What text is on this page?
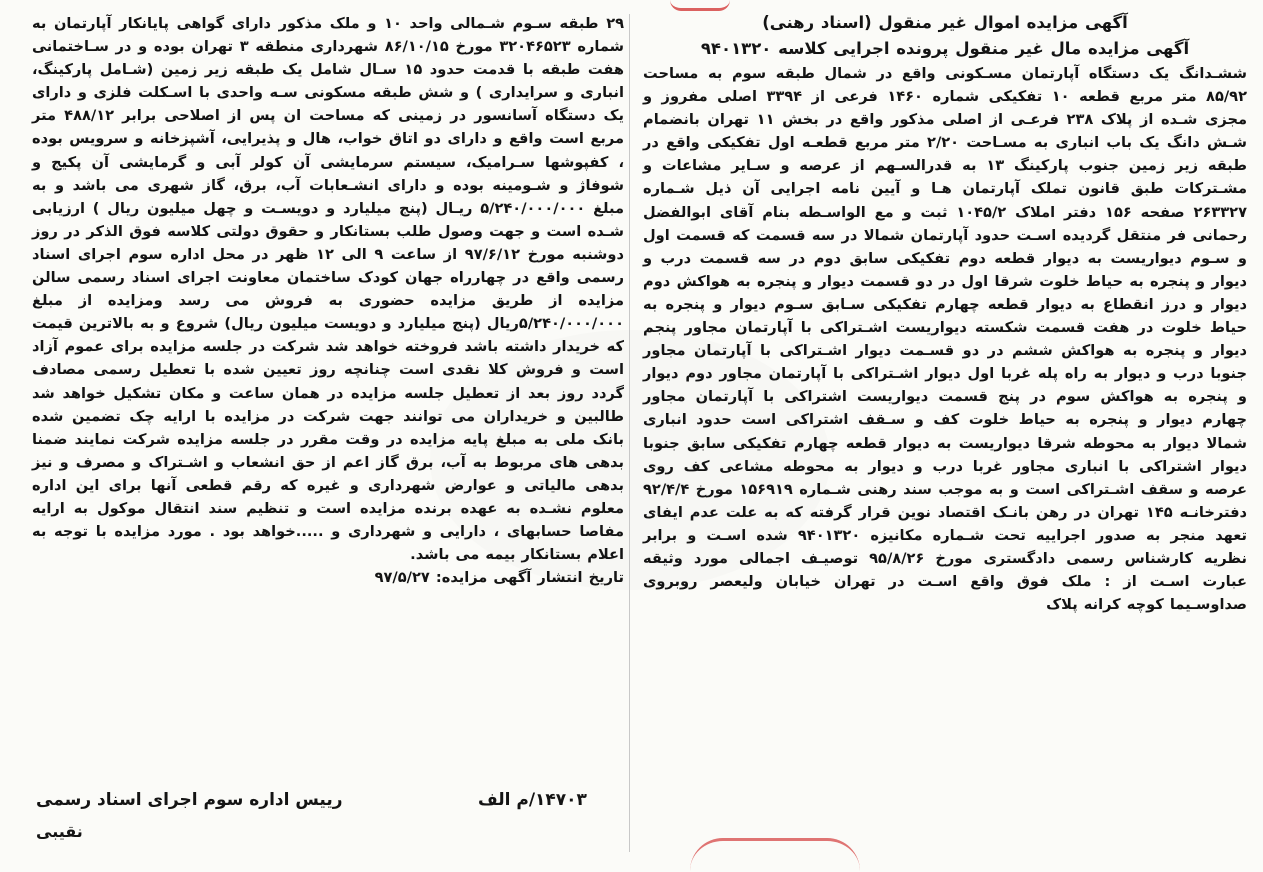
آگهی مزایده اموال غیر منقول (اسناد رهنی)
آگهی مزایده مال غیر منقول پرونده اجرایی کلاسه ۹۴۰۱۳۲۰
ششـدانگ یک دستگاه آپارتمان مسـکونی واقع در شمال طبقه سوم به مساحت ۸۵/۹۲ متر مربع قطعه ۱۰ تفکیکی شماره ۱۴۶۰ فرعی از ۳۳۹۴ اصلی مفروز و مجزی شـده از پلاک ۲۳۸ فرعـی از اصلی مذکور واقع در بخش ۱۱ تهران بانضمام شـش دانگ یک باب انباری به مسـاحت ۲/۲۰ متر مربع قطعـه اول تفکیکی واقع در طبقه زیر زمین جنوب پارکینگ ۱۳ به قدرالسـهم از عرصه و سـایر مشاعات و مشـترکات طبق قانون تملک آپارتمان هـا و آیین نامه اجرایی آن ذیل شـماره ۲۶۳۳۲۷ صفحه ۱۵۶ دفتر املاک ۱۰۴۵/۲ ثبت و مع الواسـطه بنام آقای ابوالفضل رحمانی فر منتقل گردیده اسـت حدود آپارتمان شمالا در سه قسمت که قسمت اول و سـوم دیواریست به دیوار قطعه دوم تفکیکی سابق دوم در سه قسمت درب و دیوار و پنجره به حیاط خلوت شرقا اول در دو قسمت دیوار و پنجره به هواکش دوم دیوار و درز انقطاع به دیوار قطعه چهارم تفکیکی سـابق سـوم دیوار و پنجره به حیاط خلوت در هفت قسمت شکسته دیواریست اشـتراکی با آپارتمان مجاور پنجم دیوار و پنجره به هواکش ششم در دو قسـمت دیوار اشـتراکی با آپارتمان مجاور جنوبا درب و دیوار به راه پله غربا اول دیوار اشـتراکی با آپارتمان مجاور دوم دیوار و پنجره به هواکش سوم در پنج قسمت دیواریست اشتراکی با آپارتمان مجاور چهارم دیوار و پنجره به حیاط خلوت کف و سـقف اشتراکی است حدود انباری شمالا دیوار به محوطه شرقا دیواریست به دیوار قطعه چهارم تفکیکی سابق جنوبا دیوار اشتراکی با انباری مجاور غربا درب و دیوار به محوطه مشاعی کف روی عرصه و سقف اشـتراکی است و به موجب سند رهنی شـماره ۱۵۶۹۱۹ مورخ ۹۲/۴/۴ دفترخانـه ۱۴۵ تهران در رهن بانـک اقتصاد نوین قرار گرفته که به علت عدم ایفای تعهد منجر به صدور اجراییه تحت شـماره مکانیزه ۹۴۰۱۳۲۰ شده اسـت و برابر نظریه کارشناس رسمی دادگستری مورخ ۹۵/۸/۲۶ توصیـف اجمالی مورد وثیقه عبارت اسـت از : ملک فوق واقع اسـت در تهران خیابان ولیعصر روبروی صداوسـیما کوچه کرانه پلاک
۲۹ طبقه سـوم شـمالی واحد ۱۰ و ملک مذکور دارای گواهی پایانکار آپارتمان به شماره ۳۲۰۴۶۵۲۳ مورخ ۸۶/۱۰/۱۵ شهرداری منطقه ۳ تهران بوده و در سـاختمانی هفت طبقه با قدمت حدود ۱۵ سـال شامل یک طبقه زیر زمین (شـامل پارکینگ، انباری و سرایداری ) و شش طبقه مسکونی سـه واحدی با اسـکلت فلزی و دارای یک دستگاه آسانسور در زمینی که مساحت ان پس از اصلاحی برابر ۴۸۸/۱۲ متر مربع است واقع و دارای دو اتاق خواب، هال و پذیرایی، آشپزخانه و سرویس بوده ، کفپوشها سـرامیک، سیستم سرمایشی آن کولر آبی و گرمایشی آن پکیج و شوفاژ و شـومینه بوده و دارای انشـعابات آب، برق، گاز شهری می باشد و به مبلغ ۵/۲۴۰/۰۰۰/۰۰۰ ریـال (پنج میلیارد و دویسـت و چهل میلیون ریال ) ارزیابی شـده است و جهت وصول طلب بستانکار و حقوق دولتی کلاسه فوق الذکر در روز دوشنبه مورخ ۹۷/۶/۱۲ از ساعت ۹ الی ۱۲ ظهر در محل اداره سوم اجرای اسناد رسمی واقع در چهارراه جهان کودک ساختمان معاونت اجرای اسناد رسمی سالن مزایده از طریق مزایده حضوری به فروش می رسد ومزایده از مبلغ ۵/۲۴۰/۰۰۰/۰۰۰ریال (پنج میلیارد و دویست میلیون ریال) شروع و به بالاترین قیمت که خریدار داشته باشد فروخته خواهد شد شرکت در جلسه مزایده برای عموم آزاد است و فروش کلا نقدی است چنانچه روز تعیین شده با تعطیل رسمی مصادف گردد روز بعد از تعطیل جلسه مزایده در همان ساعت و مکان تشکیل خواهد شد طالبین و خریداران می توانند جهت شرکت در مزایده با ارایه چک تضمین شده بانک ملی به مبلغ پایه مزایده در وقت مقرر در جلسه مزایده شرکت نمایند ضمنا بدهی های مربوط به آب، برق گاز اعم از حق انشعاب و اشـتراک و مصرف و نیز بدهی مالیاتی و عوارض شهرداری و غیره که رقم قطعی آنها برای این اداره معلوم نشـده به عهده برنده مزایده است و تنظیم سند انتقال موکول به ارایه مفاصا حسابهای ، دارایی و شهرداری و .....خواهد بود . مورد مزایده با توجه به اعلام بستانکار بیمه می باشد.
تاریخ انتشار آگهی مزایده: ۹۷/۵/۲۷
۱۴۷۰۳/م الف
رییس اداره سوم اجرای اسناد رسمی
نقیبی
